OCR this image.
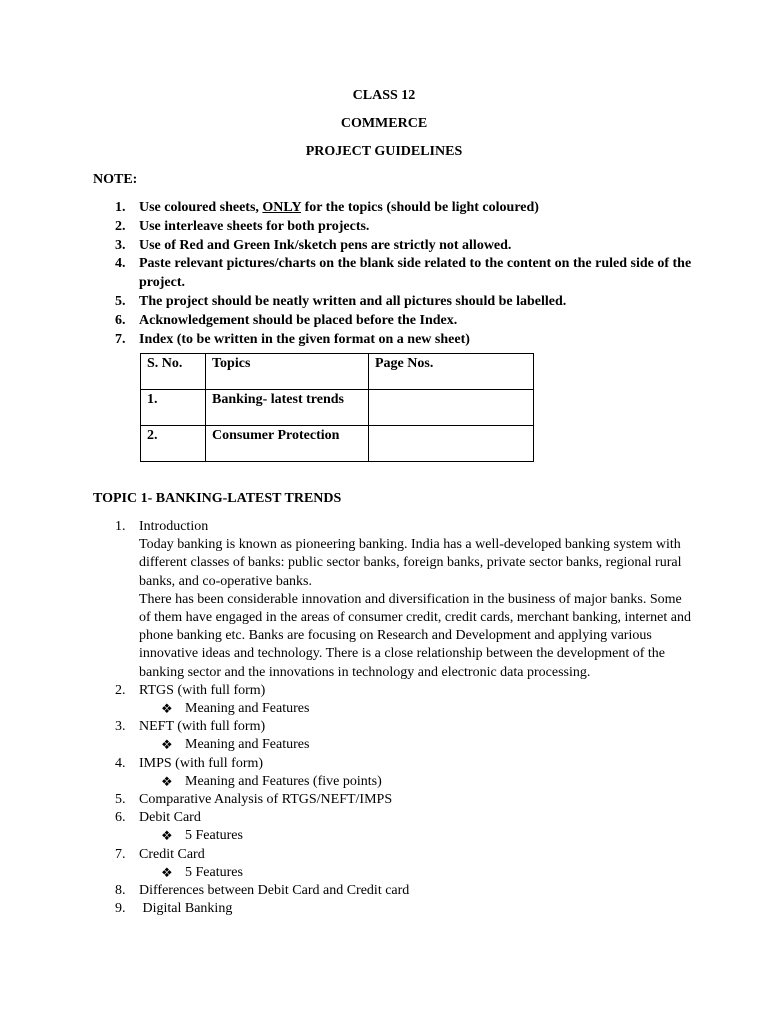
CLASS 12
COMMERCE
PROJECT GUIDELINES
NOTE:
1. Use coloured sheets, ONLY for the topics (should be light coloured)
2. Use interleave sheets for both projects.
3. Use of Red and Green Ink/sketch pens are strictly not allowed.
4. Paste relevant pictures/charts on the blank side related to the content on the ruled side of the project.
5. The project should be neatly written and all pictures should be labelled.
6. Acknowledgement should be placed before the Index.
7. Index (to be written in the given format on a new sheet)
S. No.	Topics	Page Nos.
1.	Banking- latest trends	
2.	Consumer Protection	
TOPIC 1- BANKING-LATEST TRENDS
1. Introduction

Today banking is known as pioneering banking. India has a well-developed banking system with different classes of banks: public sector banks, foreign banks, private sector banks, regional rural banks, and co-operative banks.

There has been considerable innovation and diversification in the business of major banks. Some of them have engaged in the areas of consumer credit, credit cards, merchant banking, internet and phone banking etc. Banks are focusing on Research and Development and applying various innovative ideas and technology. There is a close relationship between the development of the banking sector and the innovations in technology and electronic data processing.

2. RTGS (with full form)

❖ Meaning and Features
3. NEFT (with full form)

❖ Meaning and Features
4. IMPS (with full form)

❖ Meaning and Features (five points)
5. Comparative Analysis of RTGS/NEFT/IMPS

6. Debit Card

❖ 5 Features
7. Credit Card

❖ 5 Features
8. Differences between Debit Card and Credit card

9. Digital Banking
